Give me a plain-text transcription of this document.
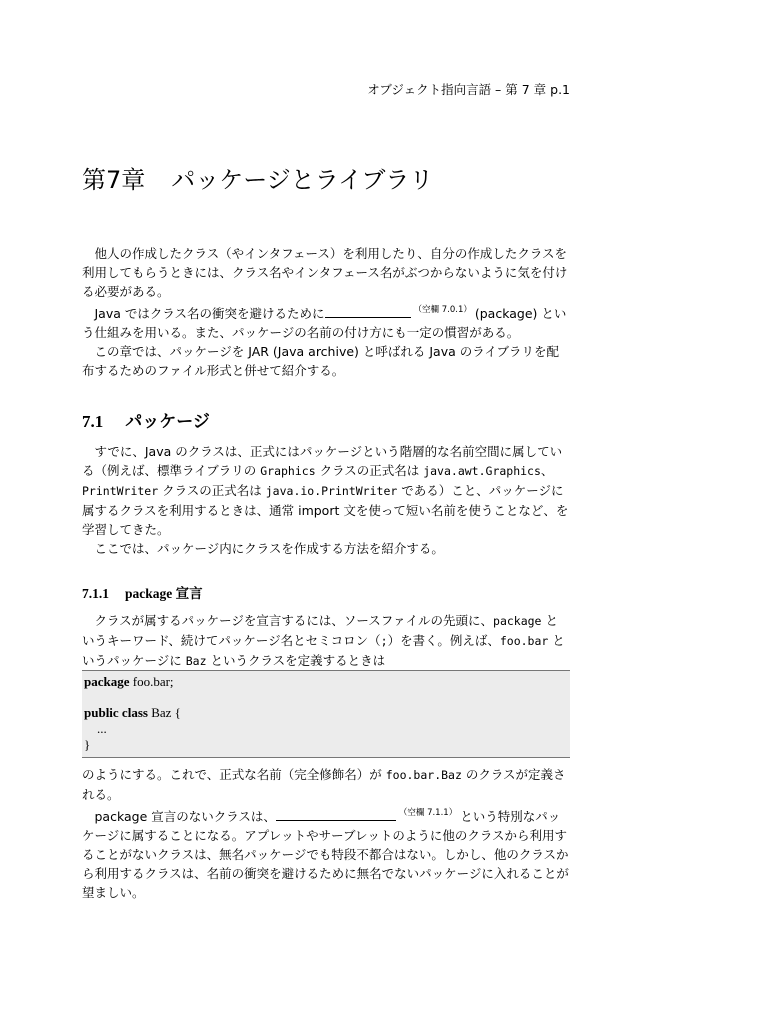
オブジェクト指向言語 – 第 7 章 p.1
第7章 パッケージとライブラリ

他人の作成したクラス（やインタフェース）を利用したり、自分の作成したクラスを利用してもらうときには、クラス名やインタフェース名がぶつからないように気を付ける必要がある。

Java ではクラス名の衝突を避けるために	$^{(空欄 7.0.1)}$ (package) という仕組みを用いる。また、パッケージの名前の付け方にも一定の慣習がある。

この章では、パッケージを JAR (Java archive) と呼ばれる Java のライブラリを配布するためのファイル形式と併せて紹介する。

7.1 パッケージ

すでに、Java のクラスは、正式にはパッケージという階層的な名前空間に属している（例えば、標準ライブラリの Graphics クラスの正式名は java.awt.Graphics、PrintWriter クラスの正式名は java.io.PrintWriter である）こと、パッケージに属するクラスを利用するときは、通常 import 文を使って短い名前を使うことなど、を学習してきた。

ここでは、パッケージ内にクラスを作成する方法を紹介する。

7.1.1 package 宣言

クラスが属するパッケージを宣言するには、ソースファイルの先頭に、package というキーワード、続けてパッケージ名とセミコロン（;）を書く。例えば、foo.bar というパッケージに Baz というクラスを定義するときは

package foo.bar;
public class Baz {
...
}

のようにする。これで、正式な名前（完全修飾名）が foo.bar.Baz のクラスが定義される。

package 宣言のないクラスは、	$^{(空欄 7.1.1)}$ という特別なパッケージに属することになる。アプレットやサーブレットのように他のクラスから利用することがないクラスは、無名パッケージでも特段不都合はない。しかし、他のクラスから利用するクラスは、名前の衝突を避けるために無名でないパッケージに入れることが望ましい。
